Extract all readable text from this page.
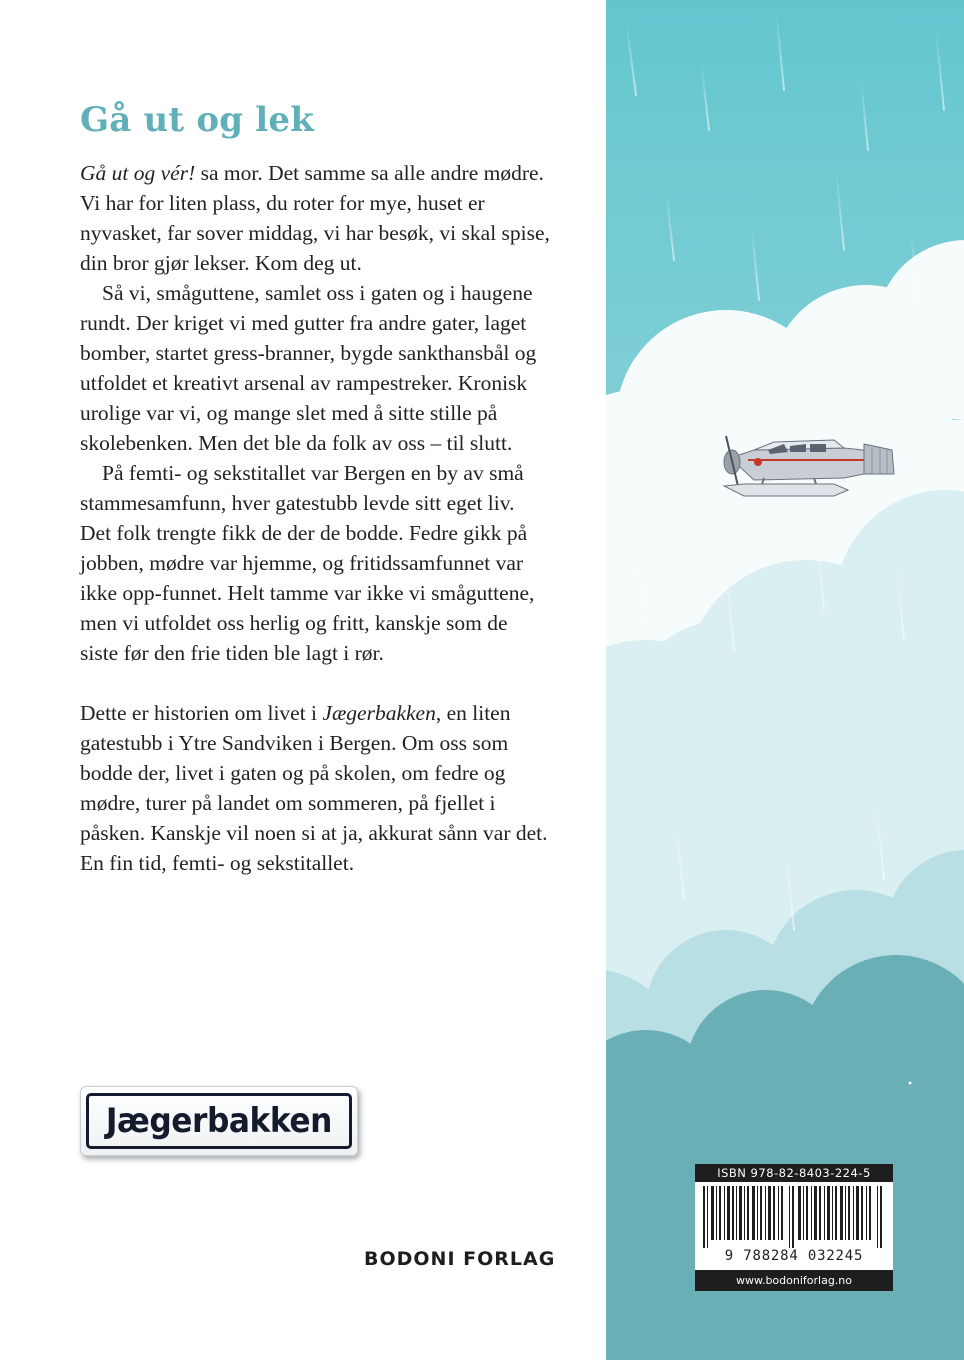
Gå ut og lek

Gå ut og vér! sa mor. Det samme sa alle andre mødre. Vi har for liten plass, du roter for mye, huset er nyvasket, far sover middag, vi har besøk, vi skal spise, din bror gjør lekser. Kom deg ut.

Så vi, småguttene, samlet oss i gaten og i haugene rundt. Der kriget vi med gutter fra andre gater, laget bomber, startet gress-branner, bygde sankthansbål og utfoldet et kreativt arsenal av rampestreker. Kronisk urolige var vi, og mange slet med å sitte stille på skolebenken. Men det ble da folk av oss – til slutt.

På femti- og sekstitallet var Bergen en by av små stammesamfunn, hver gatestubb levde sitt eget liv. Det folk trengte fikk de der de bodde. Fedre gikk på jobben, mødre var hjemme, og fritidssamfunnet var ikke opp-funnet. Helt tamme var ikke vi småguttene, men vi utfoldet oss herlig og fritt, kanskje som de siste før den frie tiden ble lagt i rør.

Dette er historien om livet i Jægerbakken, en liten gatestubb i Ytre Sandviken i Bergen. Om oss som bodde der, livet i gaten og på skolen, om fedre og mødre, turer på landet om sommeren, på fjellet i påsken. Kanskje vil noen si at ja, akkurat sånn var det. En fin tid, femti- og sekstitallet.

Jægerbakken

BODONI FORLAG

ISBN 978-82-8403-224-5
9 788284 032245
www.bodoniforlag.no
